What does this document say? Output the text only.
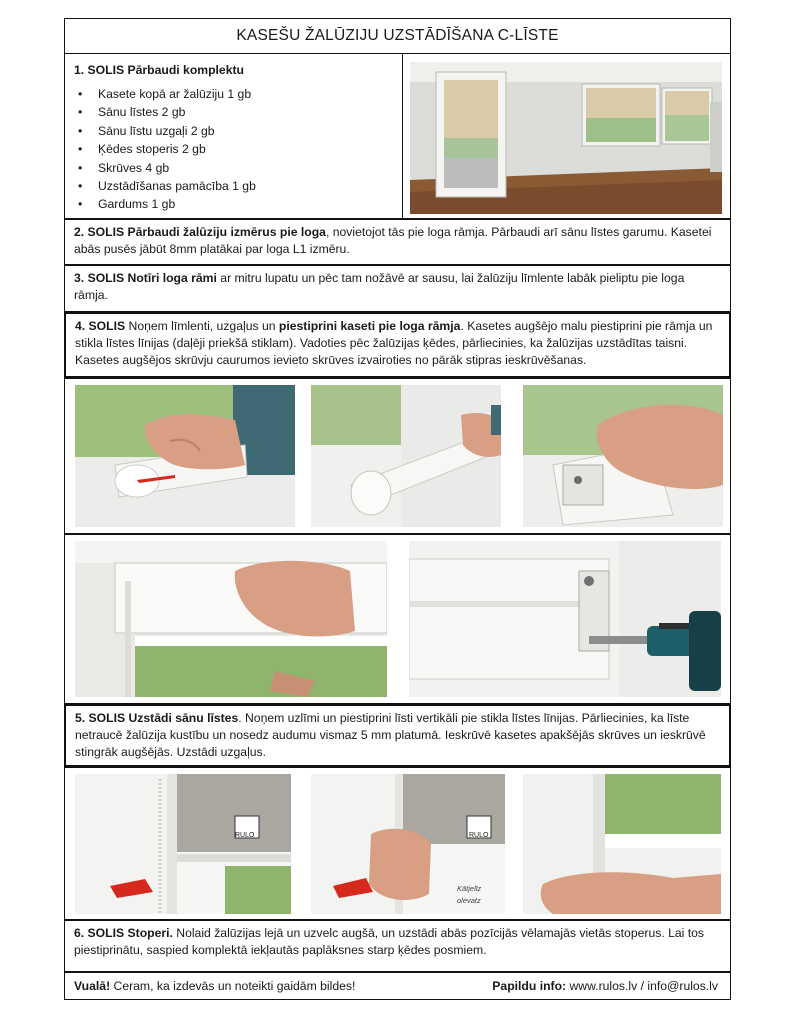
KASEŠU ŽALŪZIJU UZSTĀDĪŠANA C-LĪSTE
1. SOLIS Pārbaudi komplektu
• Kasete kopā ar žalūziju 1 gb
• Sānu līstes 2 gb
• Sānu līstu uzgaļi 2 gb
• Ķēdes stoperis 2 gb
• Skrūves 4 gb
• Uzstādīšanas pamācība 1 gb
• Gardums 1 gb
2. SOLIS Pārbaudi žalūziju izmērus pie loga, novietojot tās pie loga rāmja. Pārbaudi arī sānu līstes garumu. Kasetei abās pusēs jābūt 8mm platākai par loga L1 izmēru.
3. SOLIS Notīri loga rāmi ar mitru lupatu un pēc tam nožāvē ar sausu, lai žalūziju līmlente labāk pieliptu pie loga rāmja.
4. SOLIS Noņem līmlenti, uzgaļus un piestiprini kaseti pie loga rāmja. Kasetes augšējo malu piestiprini pie rāmja un stikla līstes līnijas (daļēji priekšā stiklam). Vadoties pēc žalūzijas ķēdes, pārliecinies, ka žalūzijas uzstādītas taisni. Kasetes augšējos skrūvju caurumos ievieto skrūves izvairoties no pārāk stipras ieskrūvēšanas.
5. SOLIS Uzstādi sānu līstes. Noņem uzlīmi un piestiprini līsti vertikāli pie stikla līstes līnijas. Pārliecinies, ka līste netraucē žalūzija kustību un nosedz audumu vismaz 5 mm platumā. Ieskrūvē kasetes apakšējās skrūves un ieskrūvē stingrāk augšējās. Uzstādi uzgaļus.
RULO	RULO
Kātjelīz
olevatz
6. SOLIS Stoperi. Nolaid žalūzijas lejā un uzvelc augšā, un uzstādi abās pozīcijās vēlamajās vietās stoperus. Lai tos piestiprinātu, saspied komplektā iekļautās paplāksnes starp ķēdes posmiem.
Vualā! Ceram, ka izdevās un noteikti gaidām bildes!	Papildu info: www.rulos.lv / info@rulos.lv
